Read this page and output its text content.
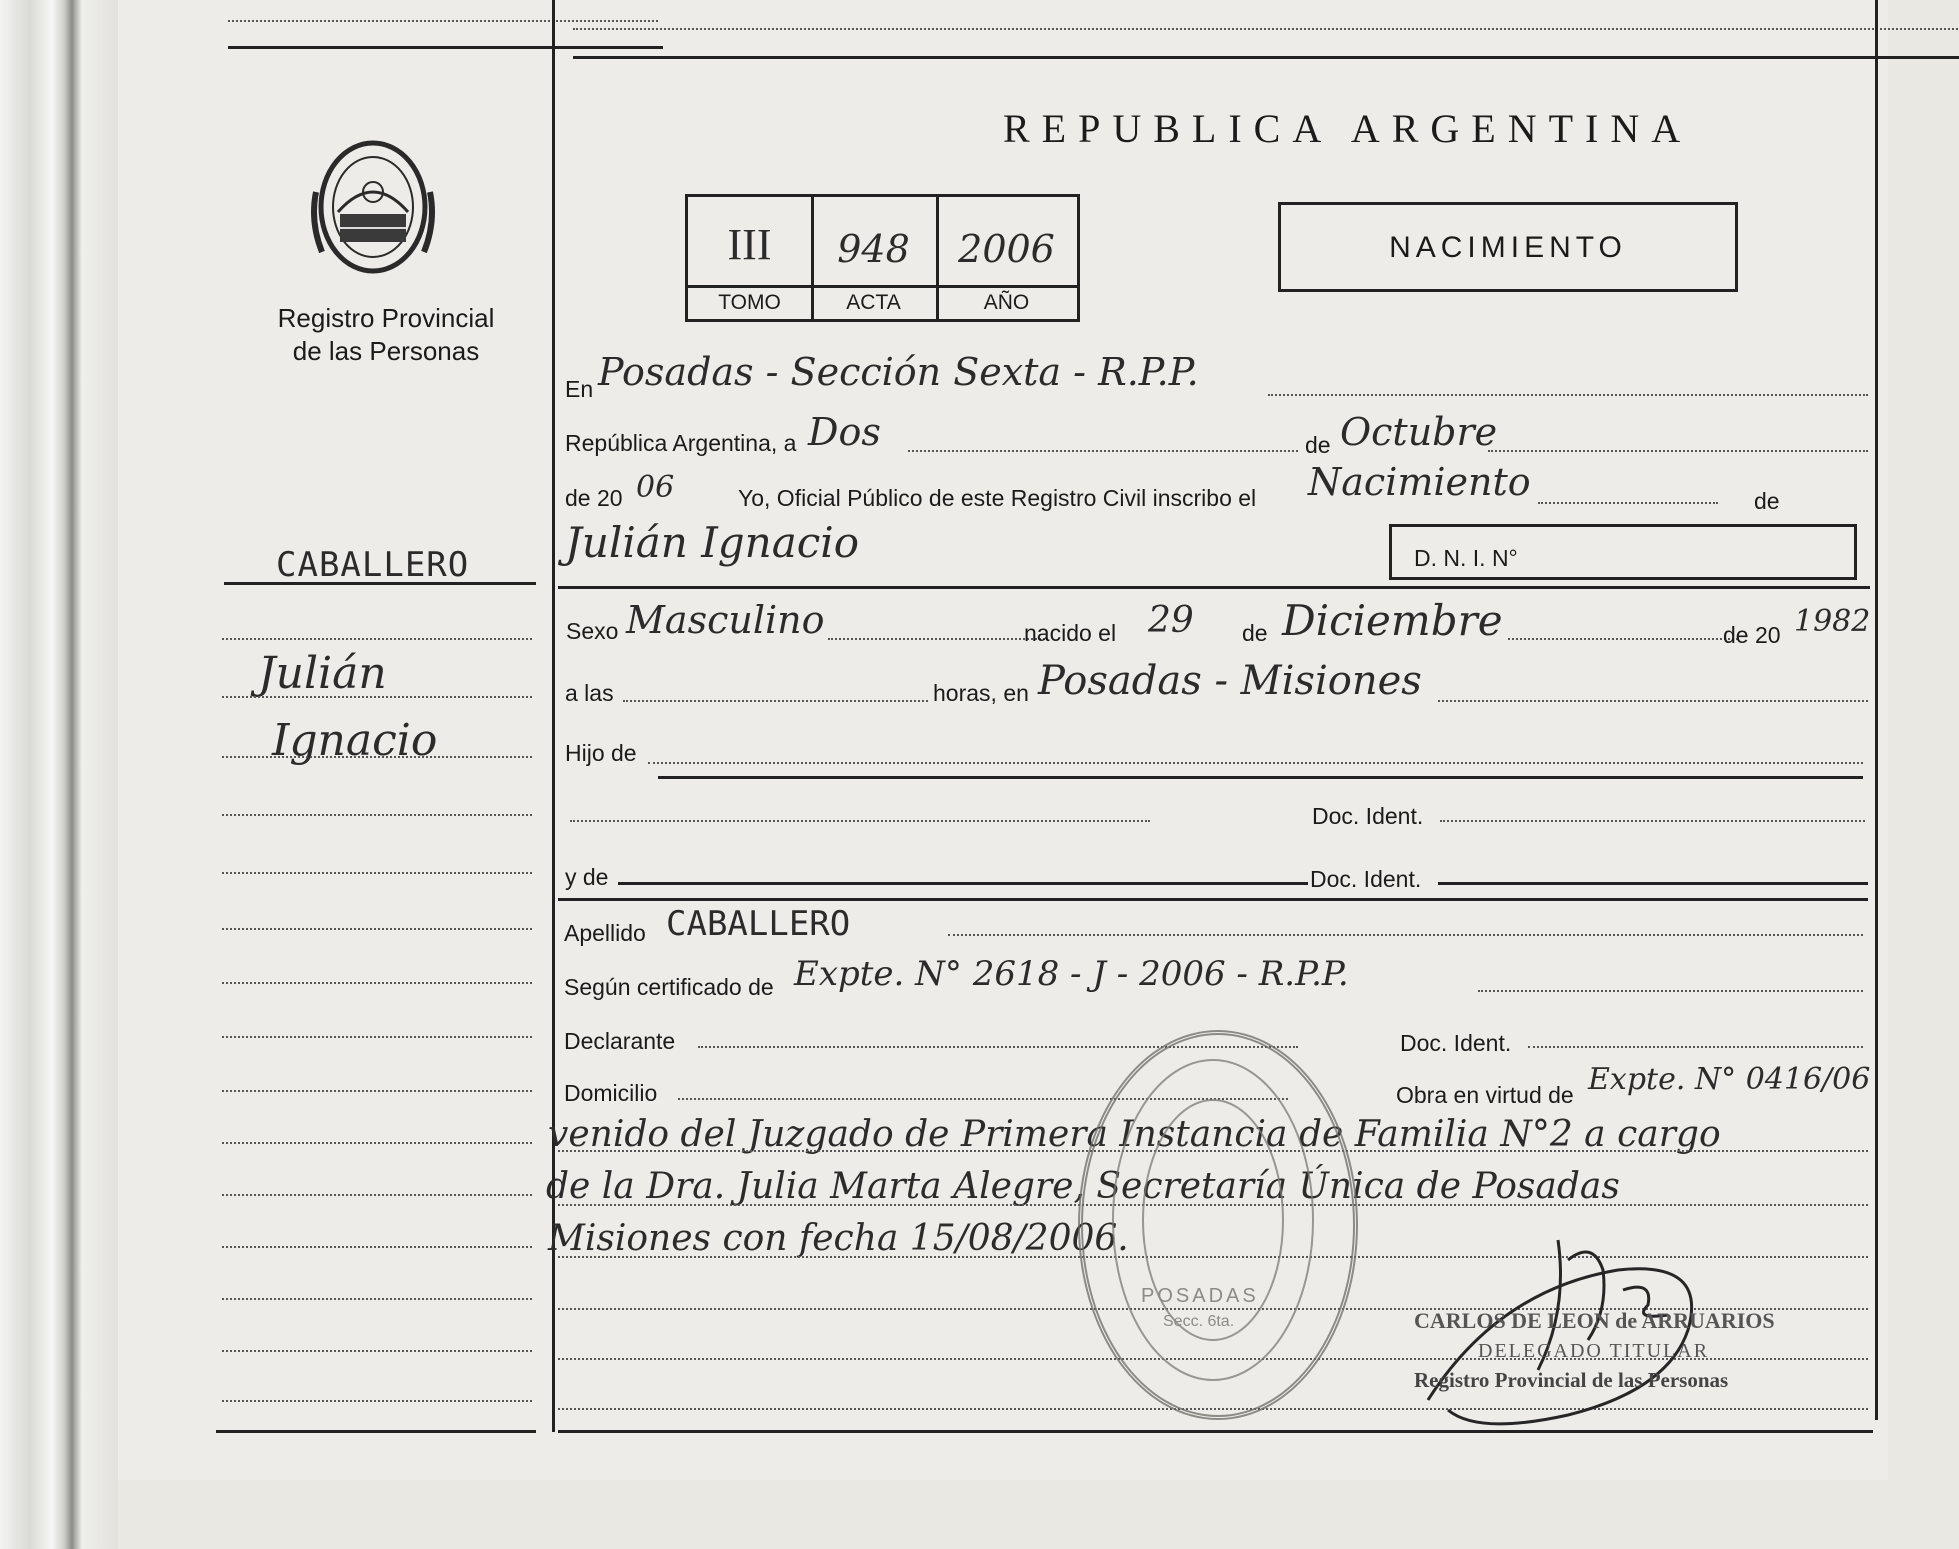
Registro Provincial
de las Personas
CABALLERO
Julián
Ignacio
REPUBLICA ARGENTINA
III	948	2006
TOMO	ACTA	AÑO
NACIMIENTO
En Posadas - Sección Sexta - R.P.P.
República Argentina, a Dos	de Octubre
de 20 06	Yo, Oficial Público de este Registro Civil inscribo el Nacimiento	de
Julián Ignacio	D. N. I. N°
Sexo Masculino	nacido el 29 de Diciembre	de 20 1982
a las	horas, en Posadas - Misiones
Hijo de
Doc. Ident.
y de	Doc. Ident.
Apellido CABALLERO
Según certificado de Expte. N° 2618 - J - 2006 - R.P.P.
Declarante	Doc. Ident.
Domicilio	Obra en virtud de Expte. N° 0416/06
venido del Juzgado de Primera Instancia de Familia N°2 a cargo
de la Dra. Julia Marta Alegre, Secretaría Única de Posadas
Misiones con fecha 15/08/2006.
POSADAS
Secc. 6ta.	CARLOS DE LEON de ARRUARIOS
DELEGADO TITULAR
Registro Provincial de las Personas
